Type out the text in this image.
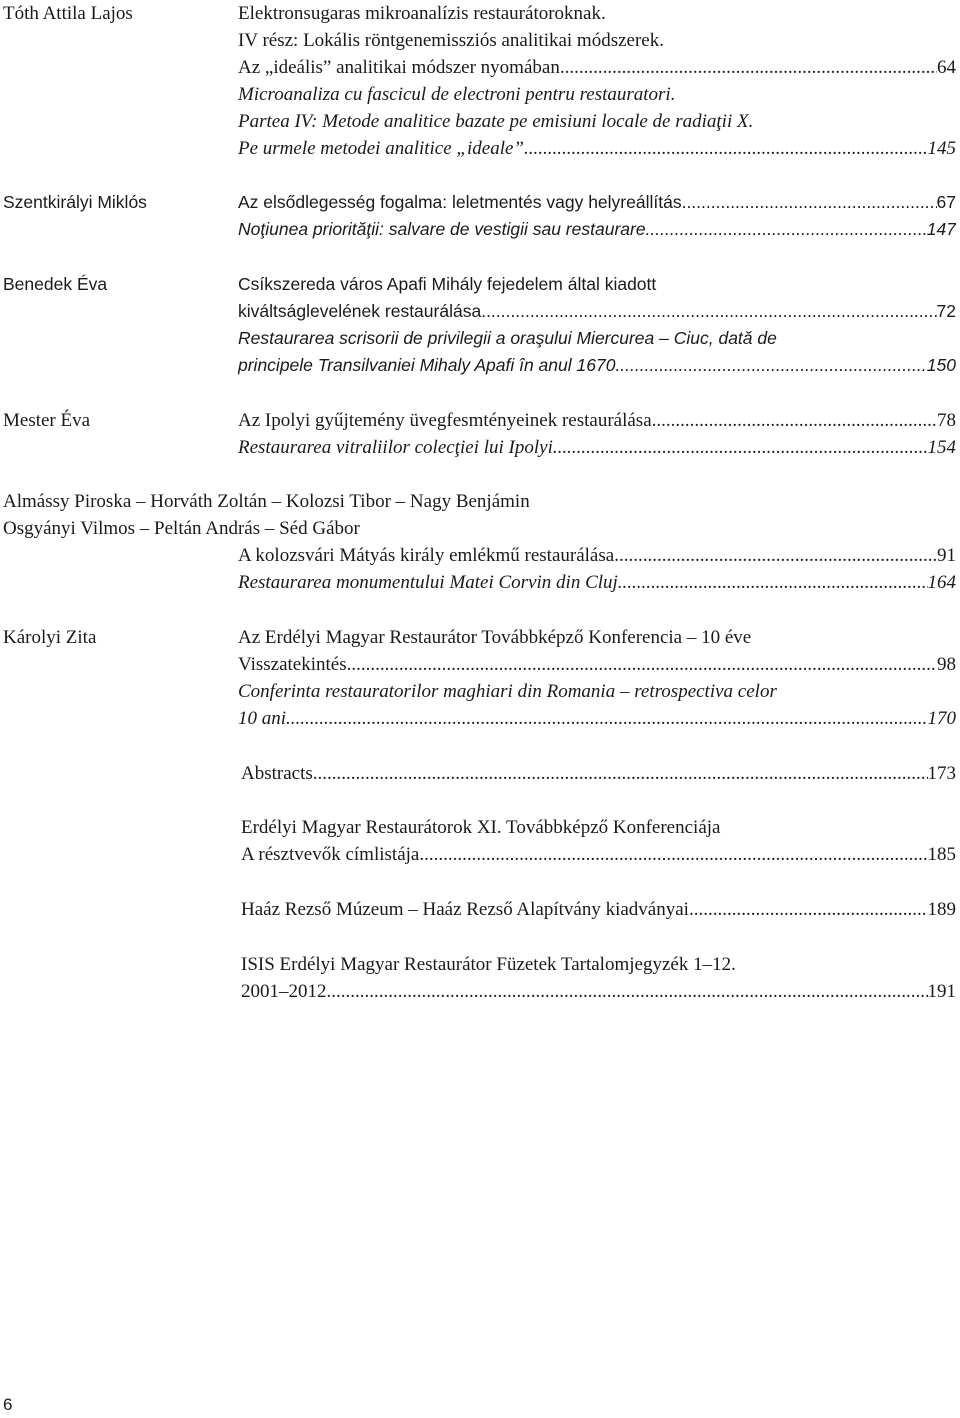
Tóth Attila Lajos	Elektronsugaras mikroanalízis restaurátoroknak.
IV rész: Lokális röntgenemissziós analitikai módszerek.
Az „ideális” analitikai módszer nyomában .....	64
Microanaliza cu fascicul de electroni pentru restauratori.
Partea IV: Metode analitice bazate pe emisiuni locale de radiaţii X.
Pe urmele metodei analitice „ideale” .....	145
Szentkirályi Miklós	Az elsődlegesség fogalma: leletmentés vagy helyreállítás .....	67
Noţiunea priorităţii: salvare de vestigii sau restaurare .....	147
Benedek Éva	Csíkszereda város Apafi Mihály fejedelem által kiadott
kiváltságlevelének restaurálása .....	72
Restaurarea scrisorii de privilegii a oraşului Miercurea – Ciuc, dată de
principele Transilvaniei Mihaly Apafi în anul 1670 .....	150
Mester Éva	Az Ipolyi gyűjtemény üvegfesmtényeinek restaurálása .....	78
Restaurarea vitraliilor colecţiei lui Ipolyi .....	154
Almássy Piroska – Horváth Zoltán – Kolozsi Tibor – Nagy Benjámin
Osgyányi Vilmos – Peltán András – Séd Gábor
A kolozsvári Mátyás király emlékmű restaurálása .....	91
Restaurarea monumentului Matei Corvin din Cluj .....	164
Károlyi Zita	Az Erdélyi Magyar Restaurátor Továbbképző Konferencia – 10 éve
Visszatekintés. .....	98
Conferinta restauratorilor maghiari din Romania – retrospectiva celor
10 ani .....	170
Abstracts .....	173
Erdélyi Magyar Restaurátorok XI. Továbbképző Konferenciája
A résztvevők címlistája .....	185
Haáz Rezső Múzeum – Haáz Rezső Alapítvány kiadványai .....	189
ISIS Erdélyi Magyar Restaurátor Füzetek Tartalomjegyzék 1–12.
2001–2012. .....	191
6
